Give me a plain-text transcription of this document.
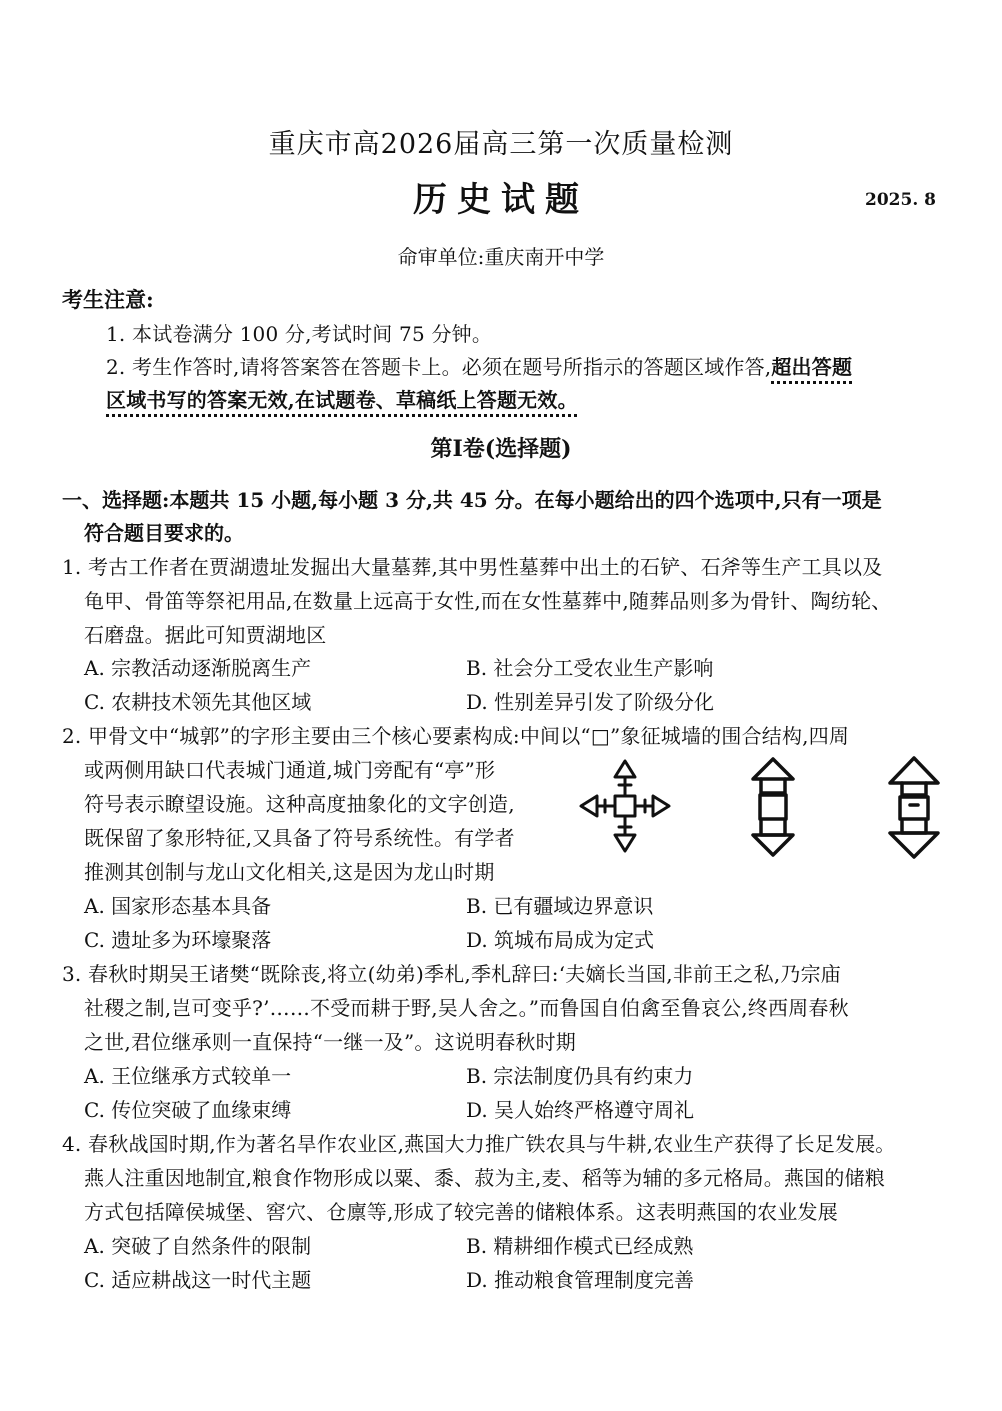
重庆市高2026届高三第一次质量检测
历史试题	2025. 8
命审单位:重庆南开中学
考生注意:
1. 本试卷满分 100 分,考试时间 75 分钟。
2. 考生作答时,请将答案答在答题卡上。必须在题号所指示的答题区域作答,超出答题
区域书写的答案无效,在试题卷、草稿纸上答题无效。
第Ⅰ卷(选择题)
一、选择题:本题共 15 小题,每小题 3 分,共 45 分。在每小题给出的四个选项中,只有一项是
符合题目要求的。
1. 考古工作者在贾湖遗址发掘出大量墓葬,其中男性墓葬中出土的石铲、石斧等生产工具以及
龟甲、骨笛等祭祀用品,在数量上远高于女性,而在女性墓葬中,随葬品则多为骨针、陶纺轮、
石磨盘。据此可知贾湖地区
A. 宗教活动逐渐脱离生产	B. 社会分工受农业生产影响
C. 农耕技术领先其他区域	D. 性别差异引发了阶级分化
2. 甲骨文中“城郭”的字形主要由三个核心要素构成:中间以“□”象征城墙的围合结构,四周
或两侧用缺口代表城门通道,城门旁配有“亭”形
符号表示瞭望设施。这种高度抽象化的文字创造,
既保留了象形特征,又具备了符号系统性。有学者
推测其创制与龙山文化相关,这是因为龙山时期
A. 国家形态基本具备	B. 已有疆域边界意识
C. 遗址多为环壕聚落	D. 筑城布局成为定式
3. 春秋时期吴王诸樊“既除丧,将立(幼弟)季札,季札辞曰:‘夫嫡长当国,非前王之私,乃宗庙
社稷之制,岂可变乎?’……不受而耕于野,吴人舍之。”而鲁国自伯禽至鲁哀公,终西周春秋
之世,君位继承则一直保持“一继一及”。这说明春秋时期
A. 王位继承方式较单一	B. 宗法制度仍具有约束力
C. 传位突破了血缘束缚	D. 吴人始终严格遵守周礼
4. 春秋战国时期,作为著名旱作农业区,燕国大力推广铁农具与牛耕,农业生产获得了长足发展。
燕人注重因地制宜,粮食作物形成以粟、黍、菽为主,麦、稻等为辅的多元格局。燕国的储粮
方式包括障侯城堡、窖穴、仓廪等,形成了较完善的储粮体系。这表明燕国的农业发展
A. 突破了自然条件的限制	B. 精耕细作模式已经成熟
C. 适应耕战这一时代主题	D. 推动粮食管理制度完善
